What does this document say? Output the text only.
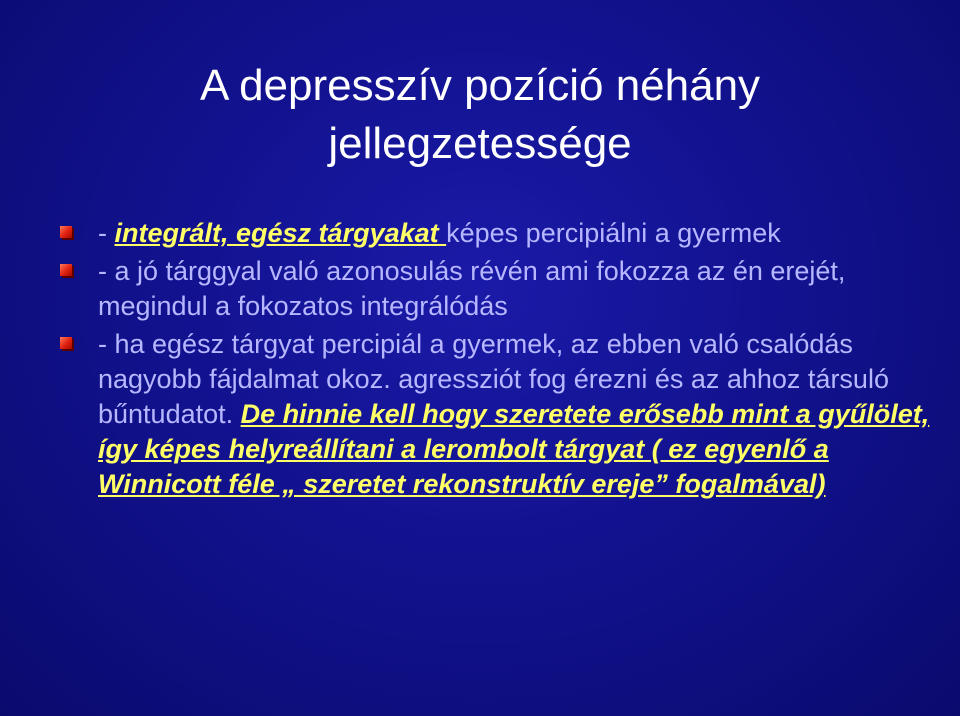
A depresszív pozíció néhány
jellegzetessége
- integrált, egész tárgyakat képes percipiálni a gyermek
- a jó tárggyal való azonosulás révén ami fokozza az én erejét, megindul a fokozatos integrálódás
- ha egész tárgyat percipiál a gyermek, az ebben való csalódás nagyobb fájdalmat okoz. agressziót fog érezni és az ahhoz társuló bűntudatot. De hinnie kell hogy szeretete erősebb mint a gyűlölet, így képes helyreállítani a lerombolt tárgyat ( ez egyenlő a Winnicott féle „ szeretet rekonstruktív ereje” fogalmával)
